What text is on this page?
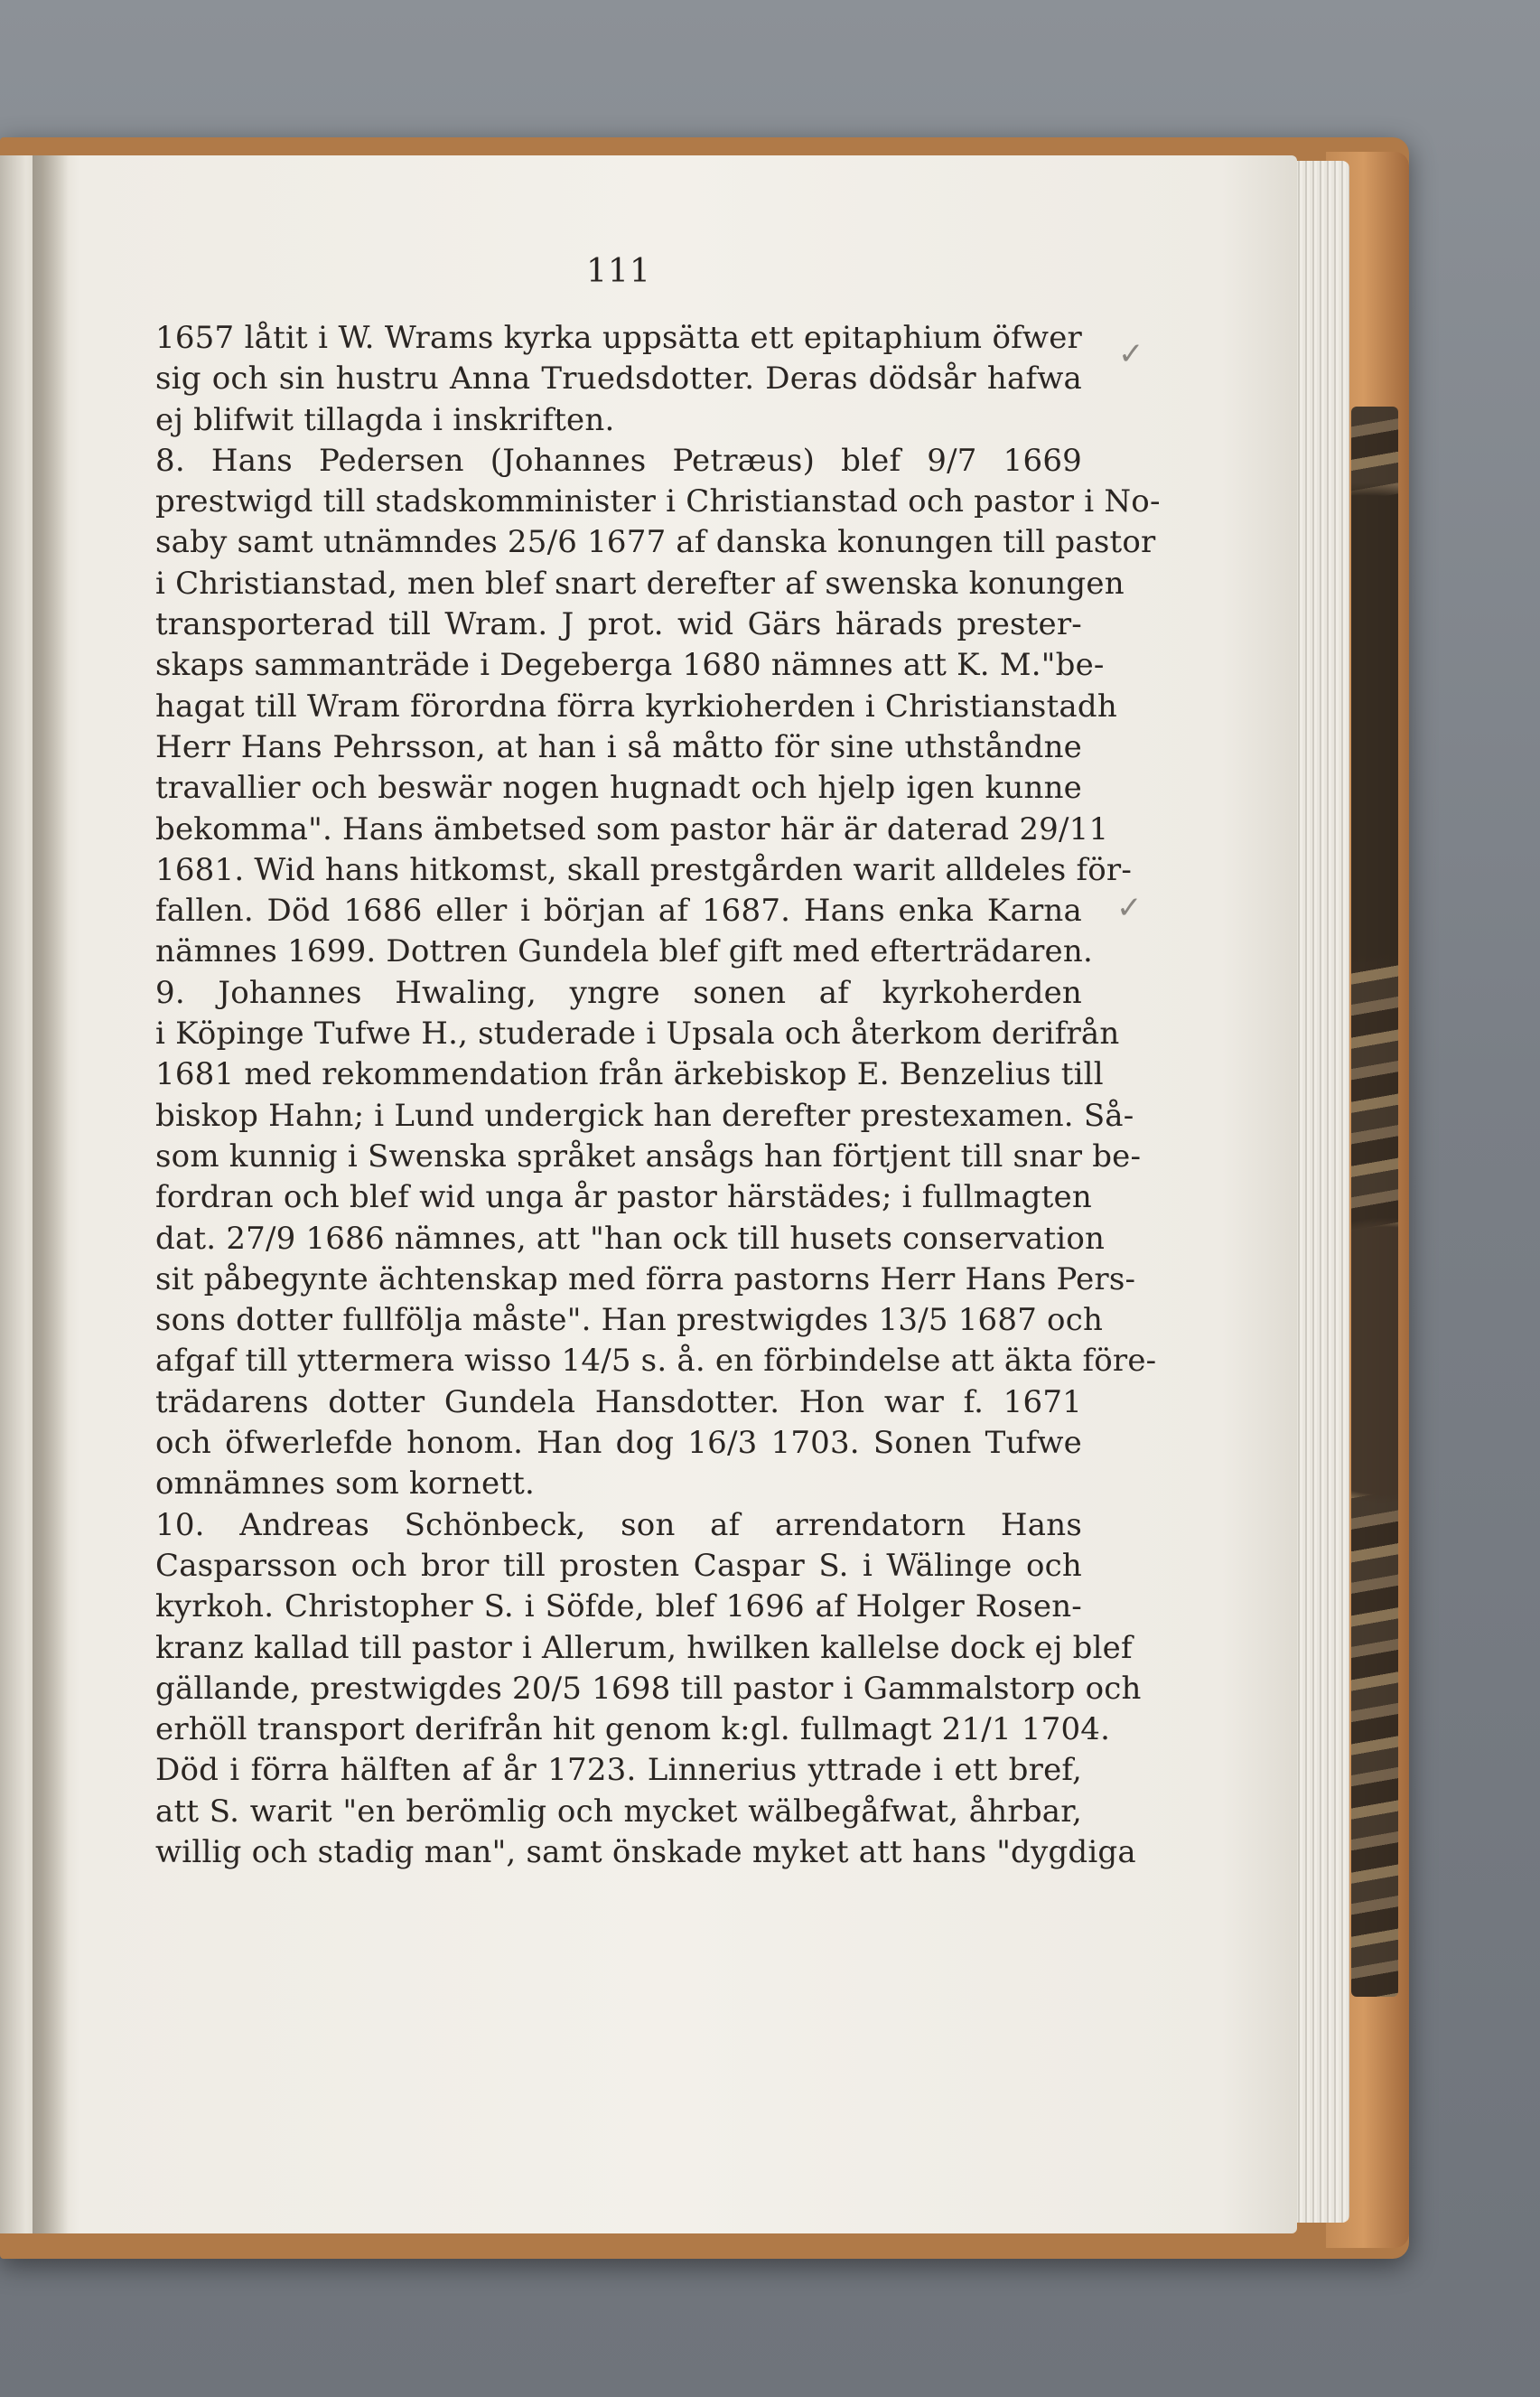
111
1657 låtit i W. Wrams kyrka uppsätta ett epitaphium öfwer
sig och sin hustru Anna Truedsdotter. Deras dödsår hafwa
ej blifwit tillagda i inskriften.
8. Hans Pedersen (Johannes Petræus) blef 9/7 1669
prestwigd till stadskomminister i Christianstad och pastor i No-
saby samt utnämndes 25/6 1677 af danska konungen till pastor
i Christianstad, men blef snart derefter af swenska konungen
transporterad till Wram. J prot. wid Gärs härads prester-
skaps sammanträde i Degeberga 1680 nämnes att K. M."be-
hagat till Wram förordna förra kyrkioherden i Christianstadh
Herr Hans Pehrsson, at han i så måtto för sine uthståndne
travallier och beswär nogen hugnadt och hjelp igen kunne
bekomma". Hans ämbetsed som pastor här är daterad 29/11
1681. Wid hans hitkomst, skall prestgården warit alldeles för-
fallen. Död 1686 eller i början af 1687. Hans enka Karna
nämnes 1699. Dottren Gundela blef gift med efterträdaren.
9. Johannes Hwaling, yngre sonen af kyrkoherden
i Köpinge Tufwe H., studerade i Upsala och återkom derifrån
1681 med rekommendation från ärkebiskop E. Benzelius till
biskop Hahn; i Lund undergick han derefter prestexamen. Så-
som kunnig i Swenska språket ansågs han förtjent till snar be-
fordran och blef wid unga år pastor härstädes; i fullmagten
dat. 27/9 1686 nämnes, att "han ock till husets conservation
sit påbegynte ächtenskap med förra pastorns Herr Hans Pers-
sons dotter fullfölja måste". Han prestwigdes 13/5 1687 och
afgaf till yttermera wisso 14/5 s. å. en förbindelse att äkta före-
trädarens dotter Gundela Hansdotter. Hon war f. 1671
och öfwerlefde honom. Han dog 16/3 1703. Sonen Tufwe
omnämnes som kornett.
10. Andreas Schönbeck, son af arrendatorn Hans
Casparsson och bror till prosten Caspar S. i Wälinge och
kyrkoh. Christopher S. i Söfde, blef 1696 af Holger Rosen-
kranz kallad till pastor i Allerum, hwilken kallelse dock ej blef
gällande, prestwigdes 20/5 1698 till pastor i Gammalstorp och
erhöll transport derifrån hit genom k:gl. fullmagt 21/1 1704.
Död i förra hälften af år 1723. Linnerius yttrade i ett bref,
att S. warit "en berömlig och mycket wälbegåfwat, åhrbar,
willig och stadig man", samt önskade myket att hans "dygdiga
✓
✓
